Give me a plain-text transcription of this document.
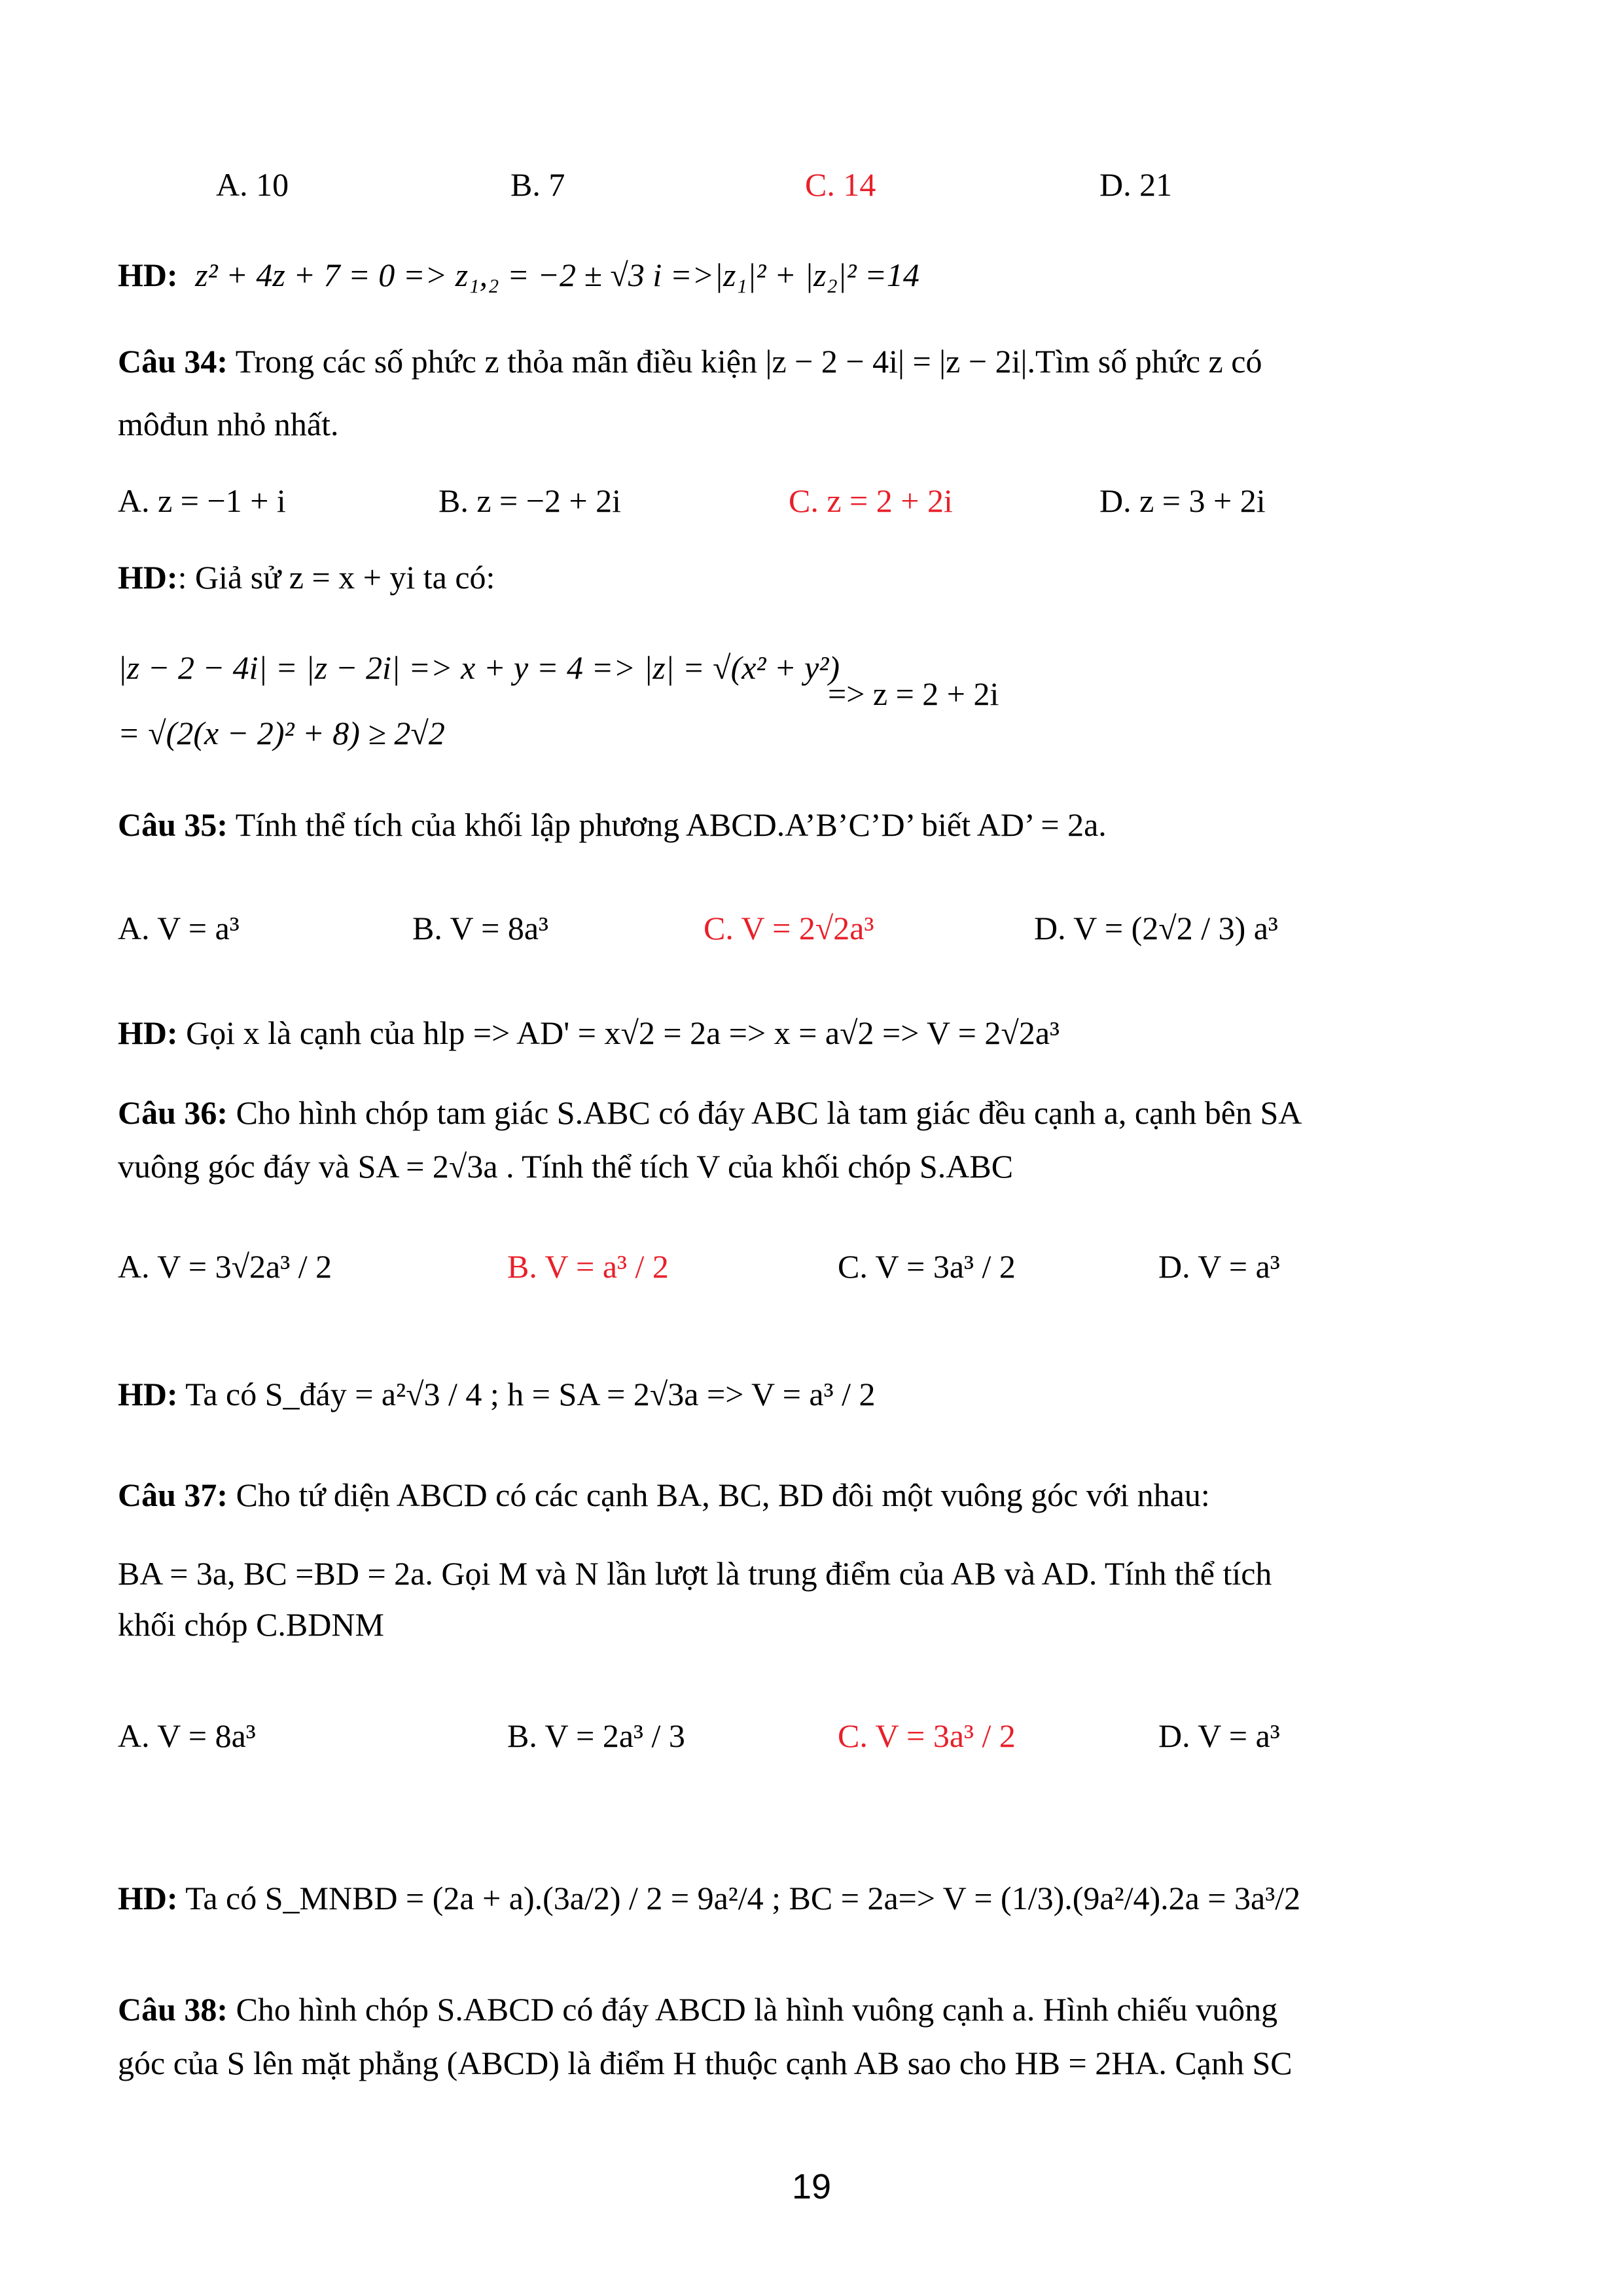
A. 10	B. 7	C. 14	D. 21
HD: z² + 4z + 7 = 0 => z₁,₂ = −2 ± √3 i =>|z₁|² + |z₂|² =14
Câu 34: Trong các số phức z thỏa mãn điều kiện |z − 2 − 4i| = |z − 2i|.Tìm số phức z có
môđun nhỏ nhất.
A. z = −1 + i	B. z = −2 + 2i	C. z = 2 + 2i	D. z = 3 + 2i
HD:: Giả sử z = x + yi ta có:
|z − 2 − 4i| = |z − 2i| => x + y = 4 => |z| = √(x² + y²)
=> z = 2 + 2i
= √(2(x − 2)² + 8) ≥ 2√2
Câu 35: Tính thể tích của khối lập phương ABCD.A’B’C’D’ biết AD’ = 2a.
A. V = a³	B. V = 8a³	C. V = 2√2a³	D. V = (2√2 / 3) a³
HD: Gọi x là cạnh của hlp => AD' = x√2 = 2a => x = a√2 => V = 2√2a³
Câu 36: Cho hình chóp tam giác S.ABC có đáy ABC là tam giác đều cạnh a, cạnh bên SA
vuông góc đáy và SA = 2√3a . Tính thể tích V của khối chóp S.ABC
A. V = 3√2a³ / 2	B. V = a³ / 2	C. V = 3a³ / 2	D. V = a³
HD: Ta có S_đáy = a²√3 / 4 ; h = SA = 2√3a => V = a³ / 2
Câu 37: Cho tứ diện ABCD có các cạnh BA, BC, BD đôi một vuông góc với nhau:
BA = 3a, BC =BD = 2a. Gọi M và N lần lượt là trung điểm của AB và AD. Tính thể tích
khối chóp C.BDNM
A. V = 8a³	B. V = 2a³ / 3	C. V = 3a³ / 2	D. V = a³
HD: Ta có S_MNBD = (2a + a).(3a/2) / 2 = 9a²/4 ; BC = 2a=> V = (1/3).(9a²/4).2a = 3a³/2
Câu 38: Cho hình chóp S.ABCD có đáy ABCD là hình vuông cạnh a. Hình chiếu vuông
góc của S lên mặt phẳng (ABCD) là điểm H thuộc cạnh AB sao cho HB = 2HA. Cạnh SC
19
